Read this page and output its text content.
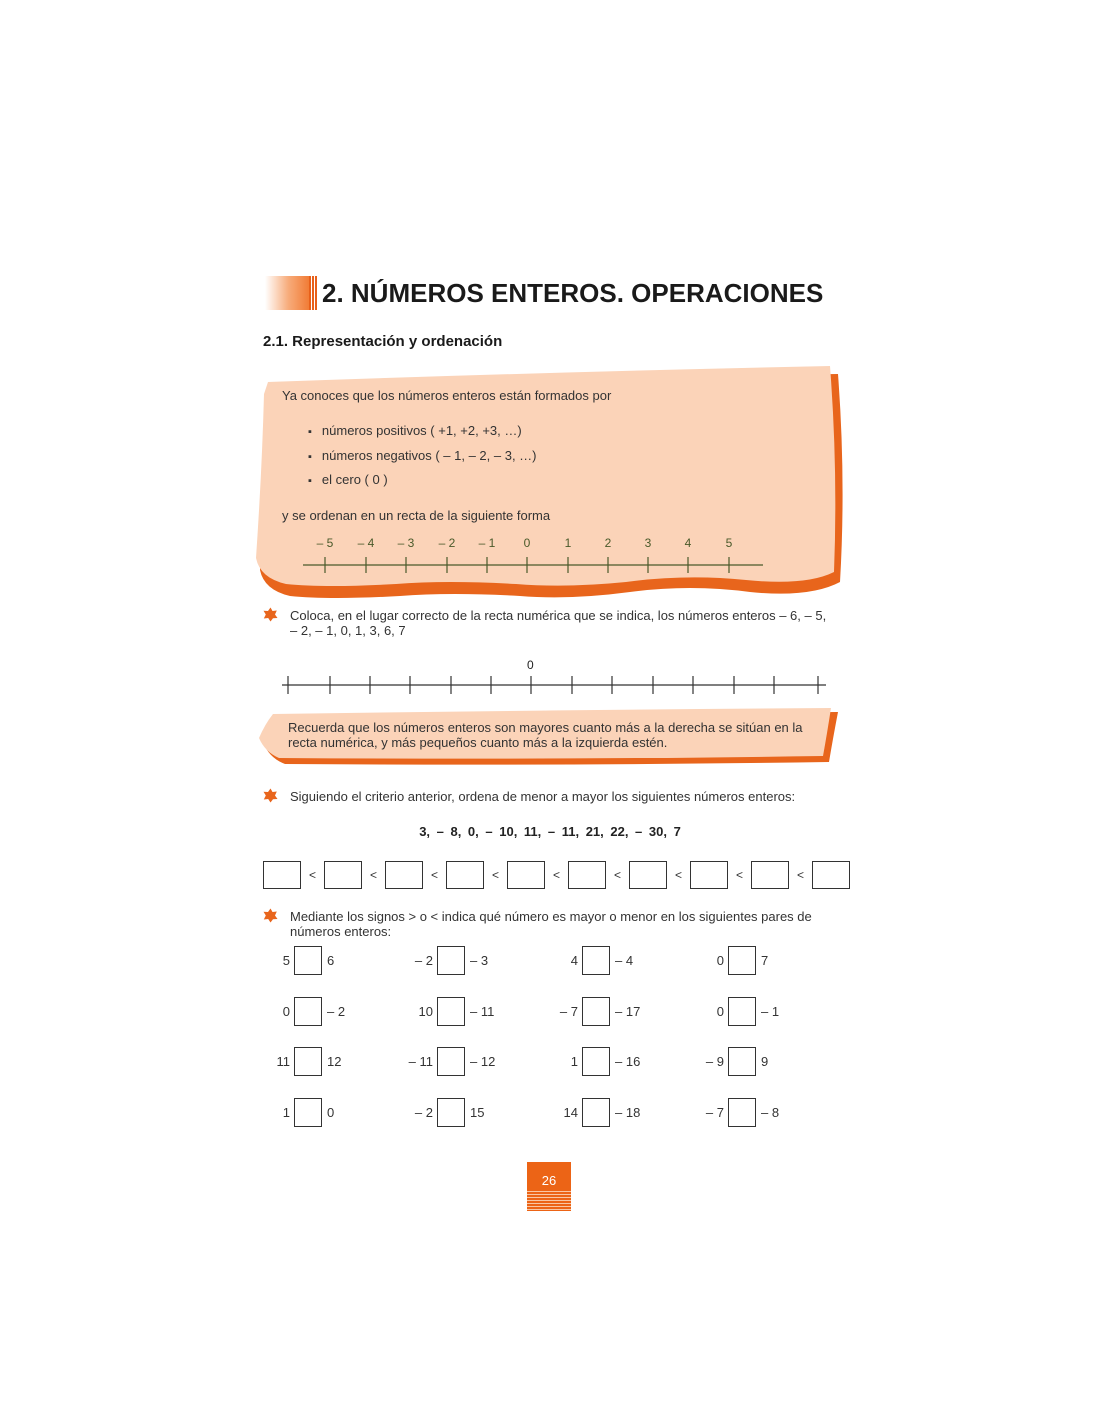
2. NÚMEROS ENTEROS. OPERACIONES
2.1. Representación y ordenación
Ya conoces que los números enteros están formados por
▪ números positivos ( +1, +2, +3, …)
▪ números negativos ( – 1, – 2, – 3, …)
▪ el cero ( 0 )
y se ordenan en un recta de la siguiente forma
– 5 – 4 – 3 – 2 – 1 0	1	2	3	4	5
Coloca, en el lugar correcto de la recta numérica que se indica, los números enteros – 6, – 5,
– 2, – 1, 0, 1, 3, 6, 7
0
Recuerda que los números enteros son mayores cuanto más a la derecha se sitúan en la
recta numérica, y más pequeños cuanto más a la izquierda estén.
Siguiendo el criterio anterior, ordena de menor a mayor los siguientes números enteros:
3, – 8, 0, – 10, 11, – 11, 21, 22, – 30, 7
<	<	<	<	<	<	<	<	<
Mediante los signos > o < indica qué número es mayor o menor en los siguientes pares de
números enteros:
5	6	– 2	– 3	4	– 4	0	7
0	– 2	10	– 11	– 7	– 17	0	– 1
11	12	– 11	– 12	1	– 16	– 9	9
1	0	– 2	15	14	– 18	– 7	– 8
26
